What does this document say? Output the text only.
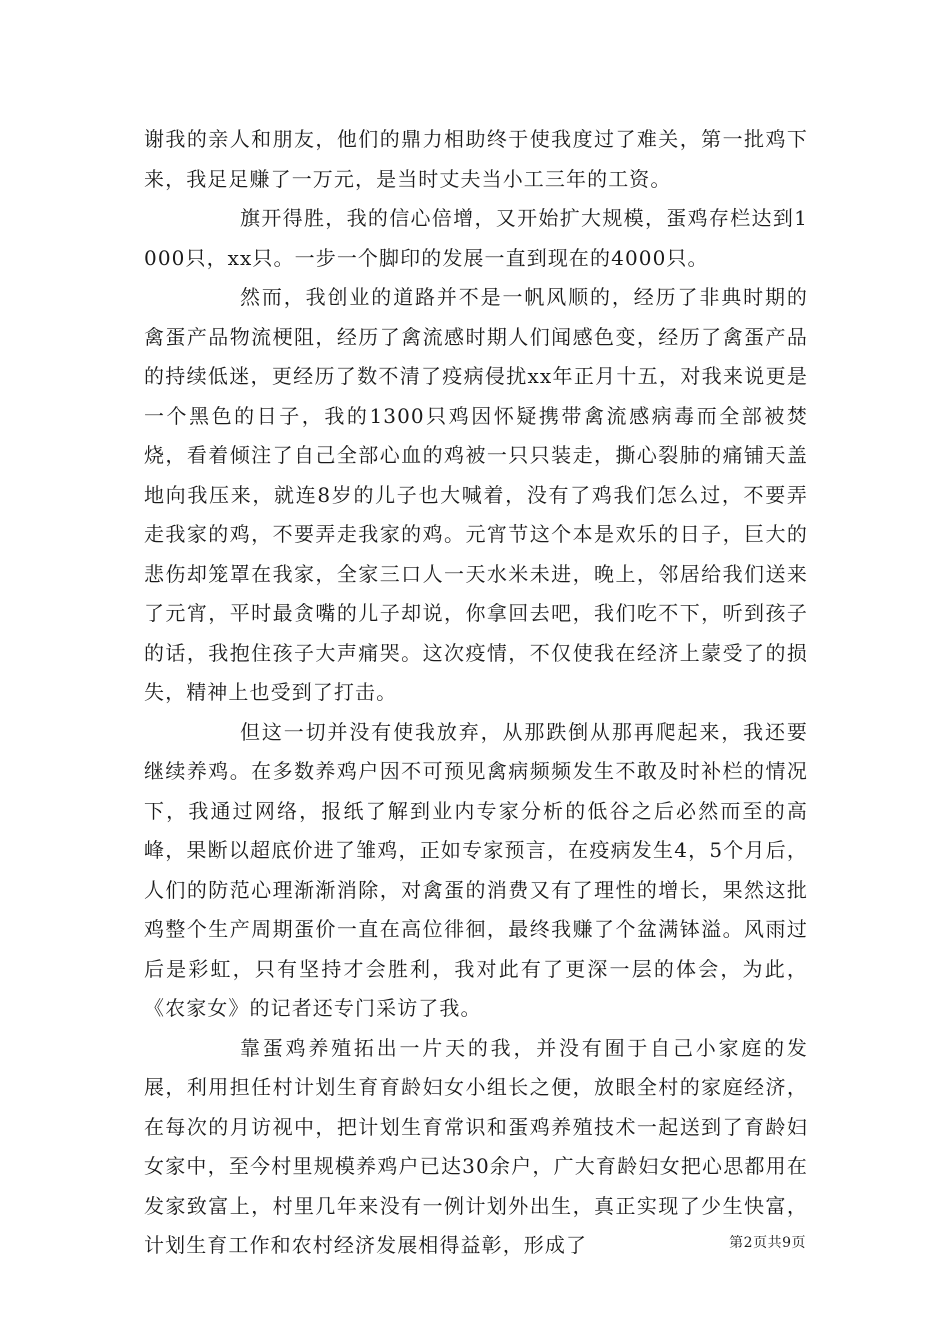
谢我的亲人和朋友，他们的鼎力相助终于使我度过了难关，第一批鸡下来，我足足赚了一万元，是当时丈夫当小工三年的工资。

旗开得胜，我的信心倍增，又开始扩大规模，蛋鸡存栏达到1000只，xx只。一步一个脚印的发展一直到现在的4000只。

然而，我创业的道路并不是一帆风顺的，经历了非典时期的禽蛋产品物流梗阻，经历了禽流感时期人们闻感色变，经历了禽蛋产品的持续低迷，更经历了数不清了疫病侵扰xx年正月十五，对我来说更是一个黑色的日子，我的1300只鸡因怀疑携带禽流感病毒而全部被焚烧，看着倾注了自己全部心血的鸡被一只只装走，撕心裂肺的痛铺天盖地向我压来，就连8岁的儿子也大喊着，没有了鸡我们怎么过，不要弄走我家的鸡，不要弄走我家的鸡。元宵节这个本是欢乐的日子，巨大的悲伤却笼罩在我家，全家三口人一天水米未进，晚上，邻居给我们送来了元宵，平时最贪嘴的儿子却说，你拿回去吧，我们吃不下，听到孩子的话，我抱住孩子大声痛哭。这次疫情，不仅使我在经济上蒙受了的损失，精神上也受到了打击。

但这一切并没有使我放弃，从那跌倒从那再爬起来，我还要继续养鸡。在多数养鸡户因不可预见禽病频频发生不敢及时补栏的情况下，我通过网络，报纸了解到业内专家分析的低谷之后必然而至的高峰，果断以超底价进了雏鸡，正如专家预言，在疫病发生4，5个月后，人们的防范心理渐渐消除，对禽蛋的消费又有了理性的增长，果然这批鸡整个生产周期蛋价一直在高位徘徊，最终我赚了个盆满钵溢。风雨过后是彩虹，只有坚持才会胜利，我对此有了更深一层的体会，为此，《农家女》的记者还专门采访了我。

靠蛋鸡养殖拓出一片天的我，并没有囿于自己小家庭的发展，利用担任村计划生育育龄妇女小组长之便，放眼全村的家庭经济，在每次的月访视中，把计划生育常识和蛋鸡养殖技术一起送到了育龄妇女家中，至今村里规模养鸡户已达30余户，广大育龄妇女把心思都用在发家致富上，村里几年来没有一例计划外出生，真正实现了少生快富，计划生育工作和农村经济发展相得益彰，形成了	第2页共9页
